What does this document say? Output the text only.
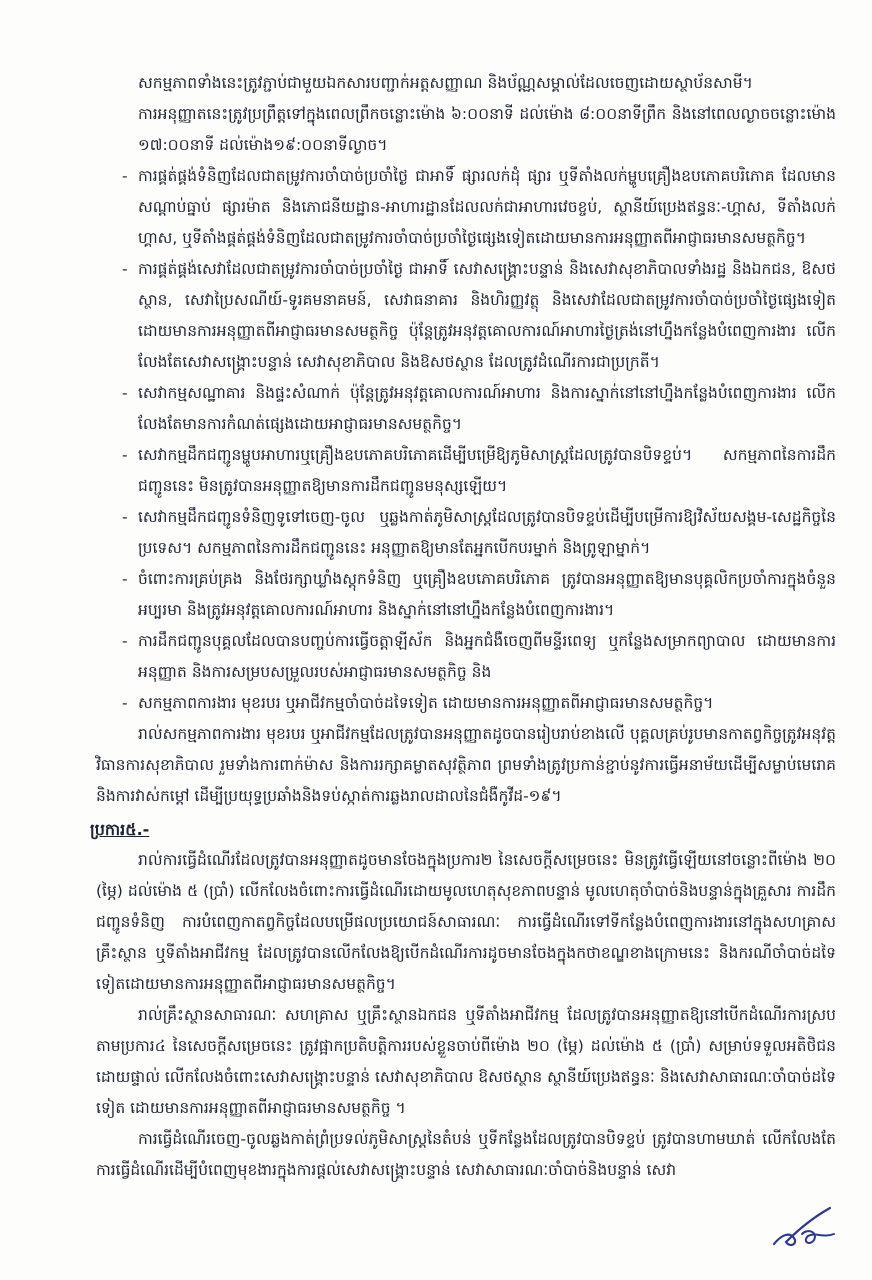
សកម្មភាពទាំងនេះត្រូវភ្ជាប់ជាមួយឯកសារបញ្ជាក់អត្តសញ្ញាណ និងប័ណ្ណសម្គាល់ដែលចេញដោយស្ថាប័នសាមី។

ការអនុញ្ញាតនេះត្រូវប្រព្រឹត្តទៅក្នុងពេលព្រឹកចន្លោះម៉ោង ៦:០០នាទី ដល់ម៉ោង ៨:០០នាទីព្រឹក និងនៅពេលល្ងាចចន្លោះម៉ោង ១៧:០០នាទី ដល់ម៉ោង១៩:០០នាទីល្ងាច។

- ការផ្គត់ផ្គង់ទំនិញដែលជាតម្រូវការចាំបាច់ប្រចាំថ្ងៃ ជាអាទិ៍ ផ្សារលក់ដុំ ផ្សារ ឬទីតាំងលក់ម្ហូបគ្រឿងឧបភោគបរិភោគ ដែលមានសណ្ដាប់ធ្នាប់ ផ្សារម៉ាត និងភោជនីយដ្ឋាន-អាហារដ្ឋានដែលលក់ជាអាហារវេចខ្ចប់, ស្ថានីយ៍ប្រេងឥន្ធនៈ-ហ្គាស, ទីតាំងលក់ហ្គាស, ឬទីតាំងផ្គត់ផ្គង់ទំនិញដែលជាតម្រូវការចាំបាច់ប្រចាំថ្ងៃផ្សេងទៀតដោយមានការអនុញ្ញាតពីអាជ្ញាធរមានសមត្ថកិច្ច។
- ការផ្គត់ផ្គង់សេវាដែលជាតម្រូវការចាំបាច់ប្រចាំថ្ងៃ ជាអាទិ៍ សេវាសង្គ្រោះបន្ទាន់ និងសេវាសុខាភិបាលទាំងរដ្ឋ និងឯកជន, ឱសថស្ថាន, សេវាប្រៃសណីយ៍-ទូរគមនាគមន៍, សេវាធនាគារ និងហិរញ្ញវត្ថុ និងសេវាដែលជាតម្រូវការចាំបាច់ប្រចាំថ្ងៃផ្សេងទៀតដោយមានការអនុញ្ញាតពីអាជ្ញាធរមានសមត្ថកិច្ច ប៉ុន្តែត្រូវអនុវត្តគោលការណ៍អាហារថ្ងៃត្រង់នៅហ្នឹងកន្លែងបំពេញការងារ លើកលែងតែសេវាសង្គ្រោះបន្ទាន់ សេវាសុខាភិបាល និងឱសថស្ថាន ដែលត្រូវដំណើរការជាប្រក្រតី។
- សេវាកម្មសណ្ឋាគារ និងផ្ទះសំណាក់ ប៉ុន្តែត្រូវអនុវត្តគោលការណ៍អាហារ និងការស្នាក់នៅនៅហ្នឹងកន្លែងបំពេញការងារ លើកលែងតែមានការកំណត់ផ្សេងដោយអាជ្ញាធរមានសមត្ថកិច្ច។
- សេវាកម្មដឹកជញ្ជូនម្ហូបអាហារឬគ្រឿងឧបភោគបរិភោគដើម្បីបម្រើឱ្យភូមិសាស្ត្រដែលត្រូវបានបិទខ្ទប់។ សកម្មភាពនៃការដឹកជញ្ជូននេះ មិនត្រូវបានអនុញ្ញាតឱ្យមានការដឹកជញ្ជូនមនុស្សឡើយ។
- សេវាកម្មដឹកជញ្ជូនទំនិញទូទៅចេញ-ចូល ឬឆ្លងកាត់ភូមិសាស្ត្រដែលត្រូវបានបិទខ្ទប់ដើម្បីបម្រើការឱ្យវិស័យសង្គម-សេដ្ឋកិច្ចនៃប្រទេស។ សកម្មភាពនៃការដឹកជញ្ជូននេះ អនុញ្ញាតឱ្យមានតែអ្នកបើកបរម្នាក់ និងព្រូឡាម្នាក់។
- ចំពោះការគ្រប់គ្រង និងថែរក្សាឃ្លាំងស្តុកទំនិញ ឬគ្រឿងឧបភោគបរិភោគ ត្រូវបានអនុញ្ញាតឱ្យមានបុគ្គលិកប្រចាំការក្នុងចំនួនអប្បរមា និងត្រូវអនុវត្តគោលការណ៍អាហារ និងស្នាក់នៅនៅហ្នឹងកន្លែងបំពេញការងារ។
- ការដឹកជញ្ជូនបុគ្គលដែលបានបញ្ចប់ការធ្វើចត្តាឡីស័ក និងអ្នកជំងឺចេញពីមន្ទីរពេទ្យ ឬកន្លែងសម្រាកព្យាបាល ដោយមានការអនុញ្ញាត និងការសម្របសម្រួលរបស់អាជ្ញាធរមានសមត្ថកិច្ច និង
- សកម្មភាពការងារ មុខរបរ ឬអាជីវកម្មចាំបាច់ដទៃទៀត ដោយមានការអនុញ្ញាតពីអាជ្ញាធរមានសមត្ថកិច្ច។

រាល់សកម្មភាពការងារ មុខរបរ ឬអាជីវកម្មដែលត្រូវបានអនុញ្ញាតដូចបានរៀបរាប់ខាងលើ បុគ្គលគ្រប់រូបមានកាតព្វកិច្ចត្រូវអនុវត្តវិធានការសុខាភិបាល រួមទាំងការពាក់ម៉ាស និងការរក្សាគម្លាតសុវត្ថិភាព ព្រមទាំងត្រូវប្រកាន់ខ្ជាប់នូវការធ្វើអនាម័យដើម្បីសម្លាប់មេរោគ និងការវាស់កម្តៅ ដើម្បីប្រយុទ្ធប្រឆាំងនិងទប់ស្កាត់ការឆ្លងរាលដាលនៃជំងឺកូវីដ-១៩។

ប្រការ៥.-

រាល់ការធ្វើដំណើរដែលត្រូវបានអនុញ្ញាតដូចមានចែងក្នុងប្រការ២ នៃសេចក្តីសម្រេចនេះ មិនត្រូវធ្វើឡើយនៅចន្លោះពីម៉ោង ២០ (ម្ភៃ) ដល់ម៉ោង ៥ (ប្រាំ) លើកលែងចំពោះការធ្វើដំណើរដោយមូលហេតុសុខភាពបន្ទាន់ មូលហេតុចាំបាច់និងបន្ទាន់ក្នុងគ្រួសារ ការដឹកជញ្ជូនទំនិញ ការបំពេញកាតព្វកិច្ចដែលបម្រើផលប្រយោជន៍សាធារណៈ ការធ្វើដំណើរទៅទីកន្លែងបំពេញការងារនៅក្នុងសហគ្រាស គ្រឹះស្ថាន ឬទីតាំងអាជីវកម្ម ដែលត្រូវបានលើកលែងឱ្យបើកដំណើរការដូចមានចែងក្នុងកថាខណ្ឌខាងក្រោមនេះ និងករណីចាំបាច់ដទៃទៀតដោយមានការអនុញ្ញាតពីអាជ្ញាធរមានសមត្ថកិច្ច។

រាល់គ្រឹះស្ថានសាធារណៈ សហគ្រាស ឬគ្រឹះស្ថានឯកជន ឬទីតាំងអាជីវកម្ម ដែលត្រូវបានអនុញ្ញាតឱ្យនៅបើកដំណើរការស្របតាមប្រការ៤ នៃសេចក្តីសម្រេចនេះ ត្រូវផ្អាកប្រតិបត្តិការរបស់ខ្លួនចាប់ពីម៉ោង ២០ (ម្ភៃ) ដល់ម៉ោង ៥ (ប្រាំ) សម្រាប់ទទួលអតិថិជនដោយផ្ទាល់ លើកលែងចំពោះសេវាសង្គ្រោះបន្ទាន់ សេវាសុខាភិបាល ឱសថស្ថាន ស្ថានីយ៍ប្រេងឥន្ធនៈ និងសេវាសាធារណៈចាំបាច់ដទៃទៀត ដោយមានការអនុញ្ញាតពីអាជ្ញាធរមានសមត្ថកិច្ច ។

ការធ្វើដំណើរចេញ-ចូលឆ្លងកាត់ព្រំប្រទល់ភូមិសាស្ត្រនៃតំបន់ ឬទីកន្លែងដែលត្រូវបានបិទខ្ទប់ ត្រូវបានហាមឃាត់ លើកលែងតែការធ្វើដំណើរដើម្បីបំពេញមុខងារក្នុងការផ្តល់សេវាសង្គ្រោះបន្ទាន់ សេវាសាធារណៈចាំបាច់និងបន្ទាន់ សេវា
